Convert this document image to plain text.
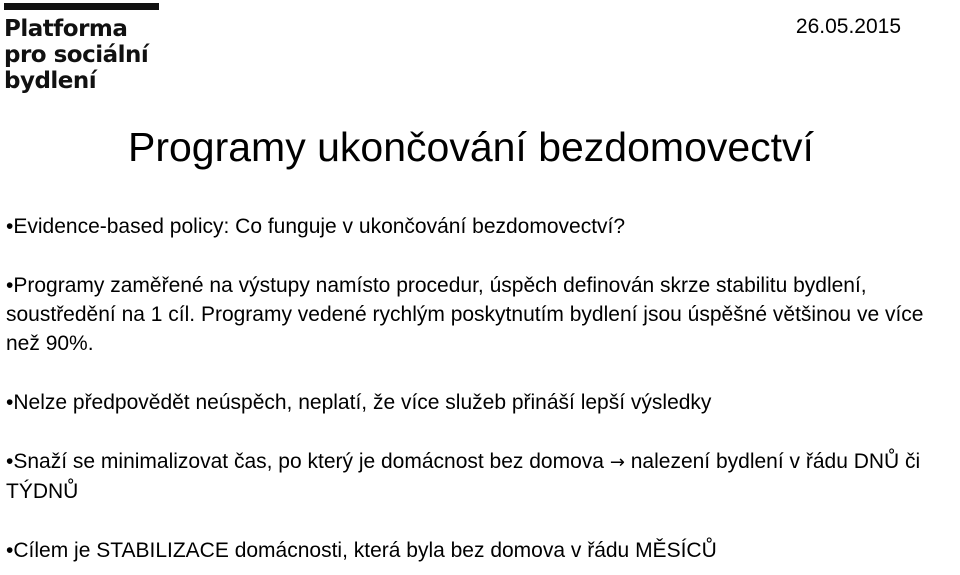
Platforma
pro sociální
bydlení
26.05.2015
Programy ukončování bezdomovectví

• Evidence-based policy: Co funguje v ukončování bezdomovectví?

• Programy zaměřené na výstupy namísto procedur, úspěch definován skrze stabilitu bydlení, soustředění na 1 cíl. Programy vedené rychlým poskytnutím bydlení jsou úspěšné většinou ve více než 90%.

• Nelze předpovědět neúspěch, neplatí, že více služeb přináší lepší výsledky

• Snaží se minimalizovat čas, po který je domácnost bez domova → nalezení bydlení v řádu DNŮ či TÝDNŮ

• Cílem je STABILIZACE domácnosti, která byla bez domova v řádu MĚSÍCŮ
